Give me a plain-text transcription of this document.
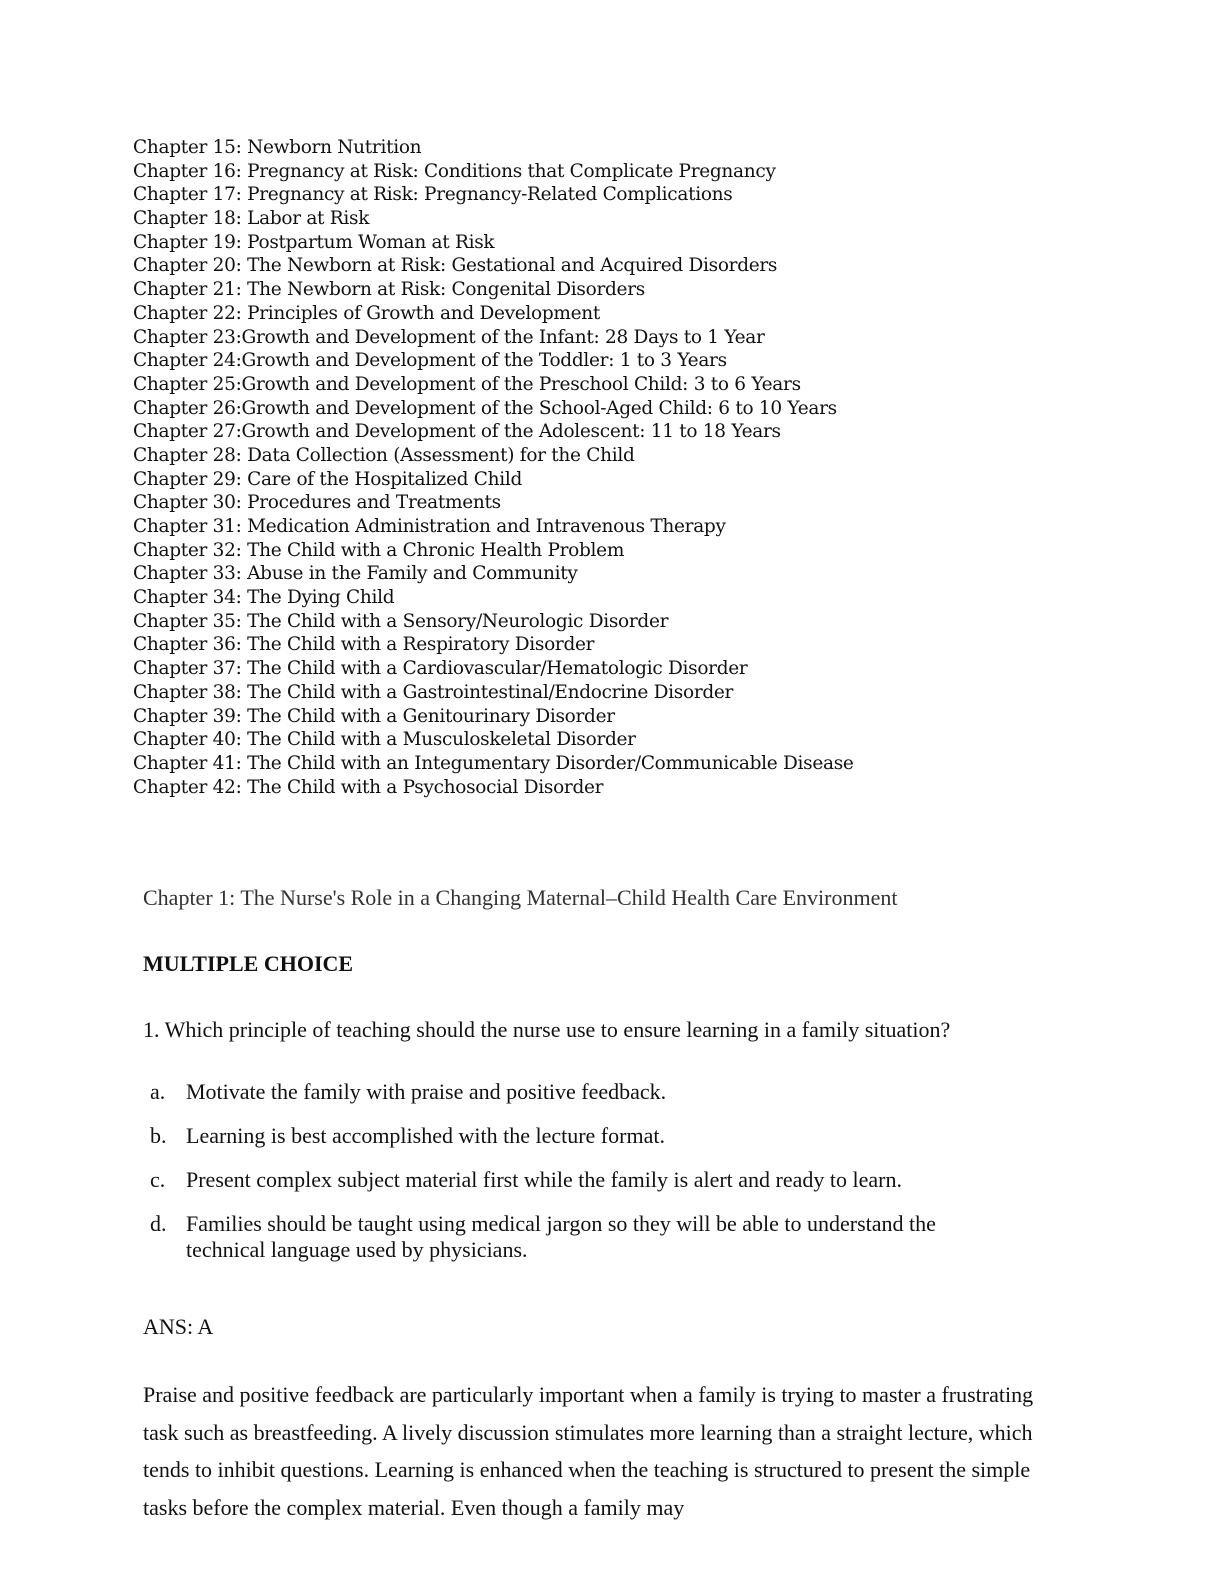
Chapter 15: Newborn Nutrition
Chapter 16: Pregnancy at Risk: Conditions that Complicate Pregnancy
Chapter 17: Pregnancy at Risk: Pregnancy-Related Complications
Chapter 18: Labor at Risk
Chapter 19: Postpartum Woman at Risk
Chapter 20: The Newborn at Risk: Gestational and Acquired Disorders
Chapter 21: The Newborn at Risk: Congenital Disorders
Chapter 22: Principles of Growth and Development
Chapter 23:Growth and Development of the Infant: 28 Days to 1 Year
Chapter 24:Growth and Development of the Toddler: 1 to 3 Years
Chapter 25:Growth and Development of the Preschool Child: 3 to 6 Years
Chapter 26:Growth and Development of the School-Aged Child: 6 to 10 Years
Chapter 27:Growth and Development of the Adolescent: 11 to 18 Years
Chapter 28: Data Collection (Assessment) for the Child
Chapter 29: Care of the Hospitalized Child
Chapter 30: Procedures and Treatments
Chapter 31: Medication Administration and Intravenous Therapy
Chapter 32: The Child with a Chronic Health Problem
Chapter 33: Abuse in the Family and Community
Chapter 34: The Dying Child
Chapter 35: The Child with a Sensory/Neurologic Disorder
Chapter 36: The Child with a Respiratory Disorder
Chapter 37: The Child with a Cardiovascular/Hematologic Disorder
Chapter 38: The Child with a Gastrointestinal/Endocrine Disorder
Chapter 39: The Child with a Genitourinary Disorder
Chapter 40: The Child with a Musculoskeletal Disorder
Chapter 41: The Child with an Integumentary Disorder/Communicable Disease
Chapter 42: The Child with a Psychosocial Disorder
Chapter 1: The Nurse's Role in a Changing Maternal–Child Health Care Environment
MULTIPLE CHOICE

1. Which principle of teaching should the nurse use to ensure learning in a family situation?

a. Motivate the family with praise and positive feedback.
b. Learning is best accomplished with the lecture format.
c. Present complex subject material first while the family is alert and ready to learn.
d. Families should be taught using medical jargon so they will be able to understand the technical language used by physicians.

ANS: A

Praise and positive feedback are particularly important when a family is trying to master a frustrating task such as breastfeeding. A lively discussion stimulates more learning than a straight lecture, which tends to inhibit questions. Learning is enhanced when the teaching is structured to present the simple tasks before the complex material. Even though a family may
